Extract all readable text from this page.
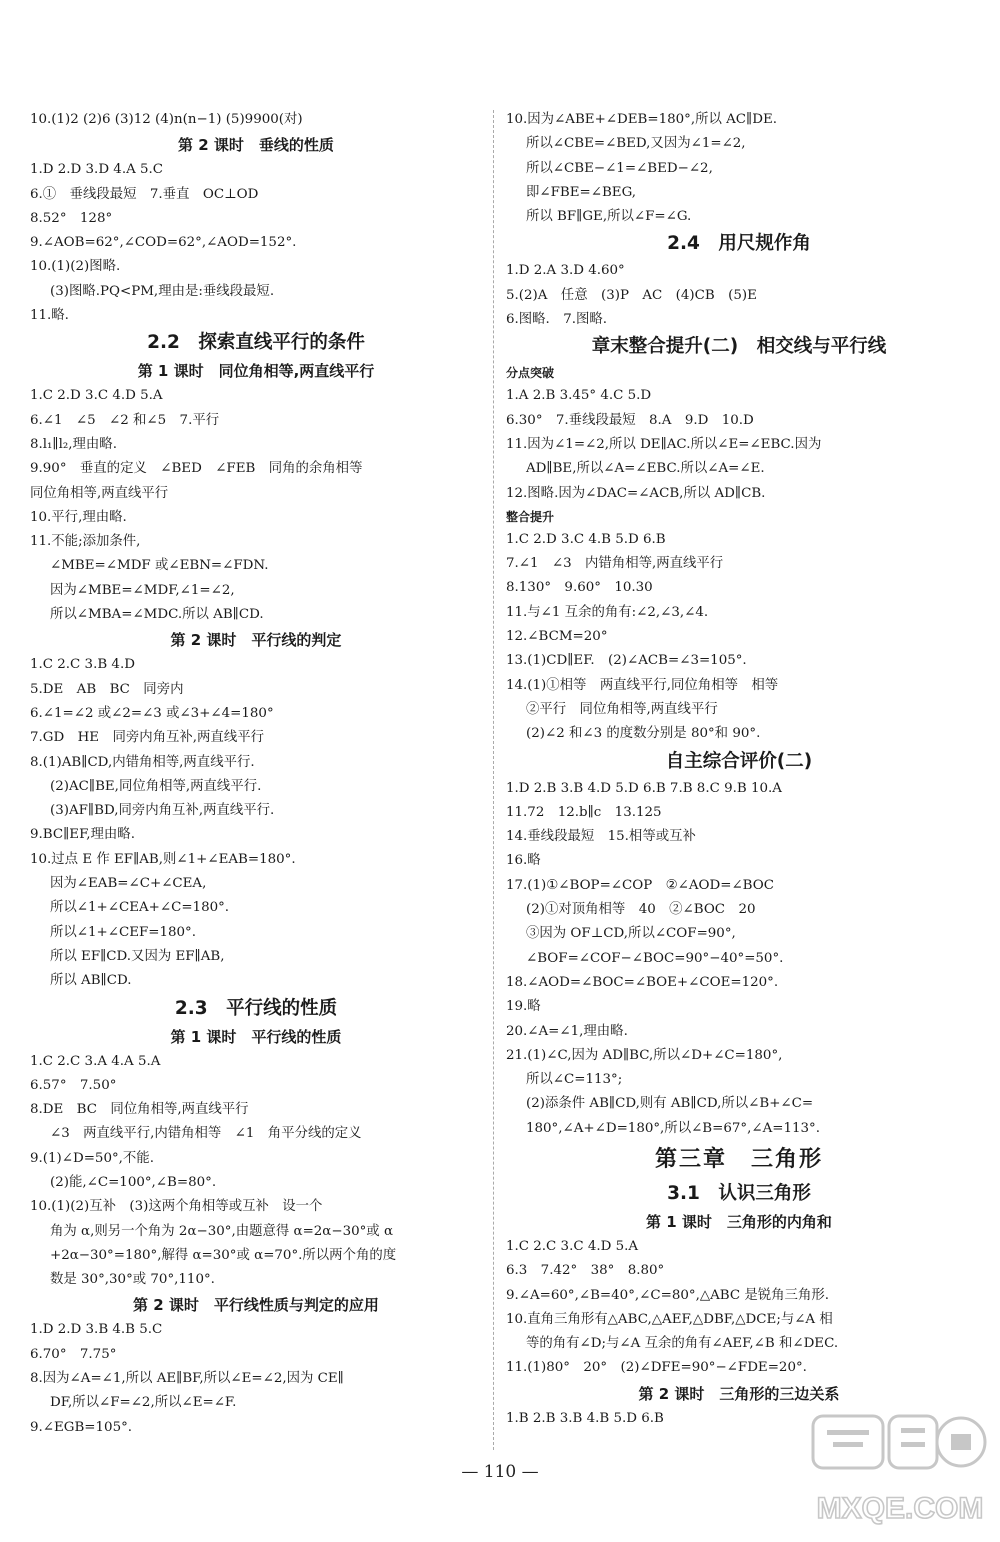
10.(1)2 (2)6 (3)12 (4)n(n−1) (5)9900(对)
第 2 课时　垂线的性质
1.D 2.D 3.D 4.A 5.C
6.①　垂线段最短　7.垂直　OC⊥OD
8.52°　128°
9.∠AOB=62°,∠COD=62°,∠AOD=152°.
10.(1)(2)图略.
(3)图略.PQ<PM,理由是:垂线段最短.
11.略.
2.2　探索直线平行的条件
第 1 课时　同位角相等,两直线平行
1.C 2.D 3.C 4.D 5.A
6.∠1　∠5　∠2 和∠5　7.平行
8.l₁∥l₂,理由略.
9.90°　垂直的定义　∠BED　∠FEB　同角的余角相等
同位角相等,两直线平行
10.平行,理由略.
11.不能;添加条件,
∠MBE=∠MDF 或∠EBN=∠FDN.
因为∠MBE=∠MDF,∠1=∠2,
所以∠MBA=∠MDC.所以 AB∥CD.
第 2 课时　平行线的判定
1.C 2.C 3.B 4.D
5.DE　AB　BC　同旁内
6.∠1=∠2 或∠2=∠3 或∠3+∠4=180°
7.GD　HE　同旁内角互补,两直线平行
8.(1)AB∥CD,内错角相等,两直线平行.
(2)AC∥BE,同位角相等,两直线平行.
(3)AF∥BD,同旁内角互补,两直线平行.
9.BC∥EF,理由略.
10.过点 E 作 EF∥AB,则∠1+∠EAB=180°.
因为∠EAB=∠C+∠CEA,
所以∠1+∠CEA+∠C=180°.
所以∠1+∠CEF=180°.
所以 EF∥CD.又因为 EF∥AB,
所以 AB∥CD.
2.3　平行线的性质
第 1 课时　平行线的性质
1.C 2.C 3.A 4.A 5.A
6.57°　7.50°
8.DE　BC　同位角相等,两直线平行
∠3　两直线平行,内错角相等　∠1　角平分线的定义
9.(1)∠D=50°,不能.
(2)能,∠C=100°,∠B=80°.
10.(1)(2)互补　(3)这两个角相等或互补　设一个
角为 α,则另一个角为 2α−30°,由题意得 α=2α−30°或 α
+2α−30°=180°,解得 α=30°或 α=70°.所以两个角的度
数是 30°,30°或 70°,110°.
第 2 课时　平行线性质与判定的应用
1.D 2.D 3.B 4.B 5.C
6.70°　7.75°
8.因为∠A=∠1,所以 AE∥BF,所以∠E=∠2,因为 CE∥
DF,所以∠F=∠2,所以∠E=∠F.
9.∠EGB=105°.
10.因为∠ABE+∠DEB=180°,所以 AC∥DE.
所以∠CBE=∠BED,又因为∠1=∠2,
所以∠CBE−∠1=∠BED−∠2,
即∠FBE=∠BEG,
所以 BF∥GE,所以∠F=∠G.
2.4　用尺规作角
1.D 2.A 3.D 4.60°
5.(2)A　任意　(3)P　AC　(4)CB　(5)E
6.图略.　7.图略.
章末整合提升(二)　相交线与平行线
分点突破
1.A 2.B 3.45° 4.C 5.D
6.30°　7.垂线段最短　8.A　9.D　10.D
11.因为∠1=∠2,所以 DE∥AC.所以∠E=∠EBC.因为
AD∥BE,所以∠A=∠EBC.所以∠A=∠E.
12.图略.因为∠DAC=∠ACB,所以 AD∥CB.
整合提升
1.C 2.D 3.C 4.B 5.D 6.B
7.∠1　∠3　内错角相等,两直线平行
8.130°　9.60°　10.30
11.与∠1 互余的角有:∠2,∠3,∠4.
12.∠BCM=20°
13.(1)CD∥EF.　(2)∠ACB=∠3=105°.
14.(1)①相等　两直线平行,同位角相等　相等
②平行　同位角相等,两直线平行
(2)∠2 和∠3 的度数分别是 80°和 90°.
自主综合评价(二)
1.D 2.B 3.B 4.D 5.D 6.B 7.B 8.C 9.B 10.A
11.72　12.b∥c　13.125
14.垂线段最短　15.相等或互补
16.略
17.(1)①∠BOP=∠COP　②∠AOD=∠BOC
(2)①对顶角相等　40　②∠BOC　20
③因为 OF⊥CD,所以∠COF=90°,
∠BOF=∠COF−∠BOC=90°−40°=50°.
18.∠AOD=∠BOC=∠BOE+∠COE=120°.
19.略
20.∠A=∠1,理由略.
21.(1)∠C,因为 AD∥BC,所以∠D+∠C=180°,
所以∠C=113°;
(2)添条件 AB∥CD,则有 AB∥CD,所以∠B+∠C=
180°,∠A+∠D=180°,所以∠B=67°,∠A=113°.
第三章　三角形
3.1　认识三角形
第 1 课时　三角形的内角和
1.C 2.C 3.C 4.D 5.A
6.3　7.42°　38°　8.80°
9.∠A=60°,∠B=40°,∠C=80°,△ABC 是锐角三角形.
10.直角三角形有△ABC,△AEF,△DBF,△DCE;与∠A 相
等的角有∠D;与∠A 互余的角有∠AEF,∠B 和∠DEC.
11.(1)80°　20°　(2)∠DFE=90°−∠FDE=20°.
第 2 课时　三角形的三边关系
1.B 2.B 3.B 4.B 5.D 6.B
— 110 —
MXQE.COM
